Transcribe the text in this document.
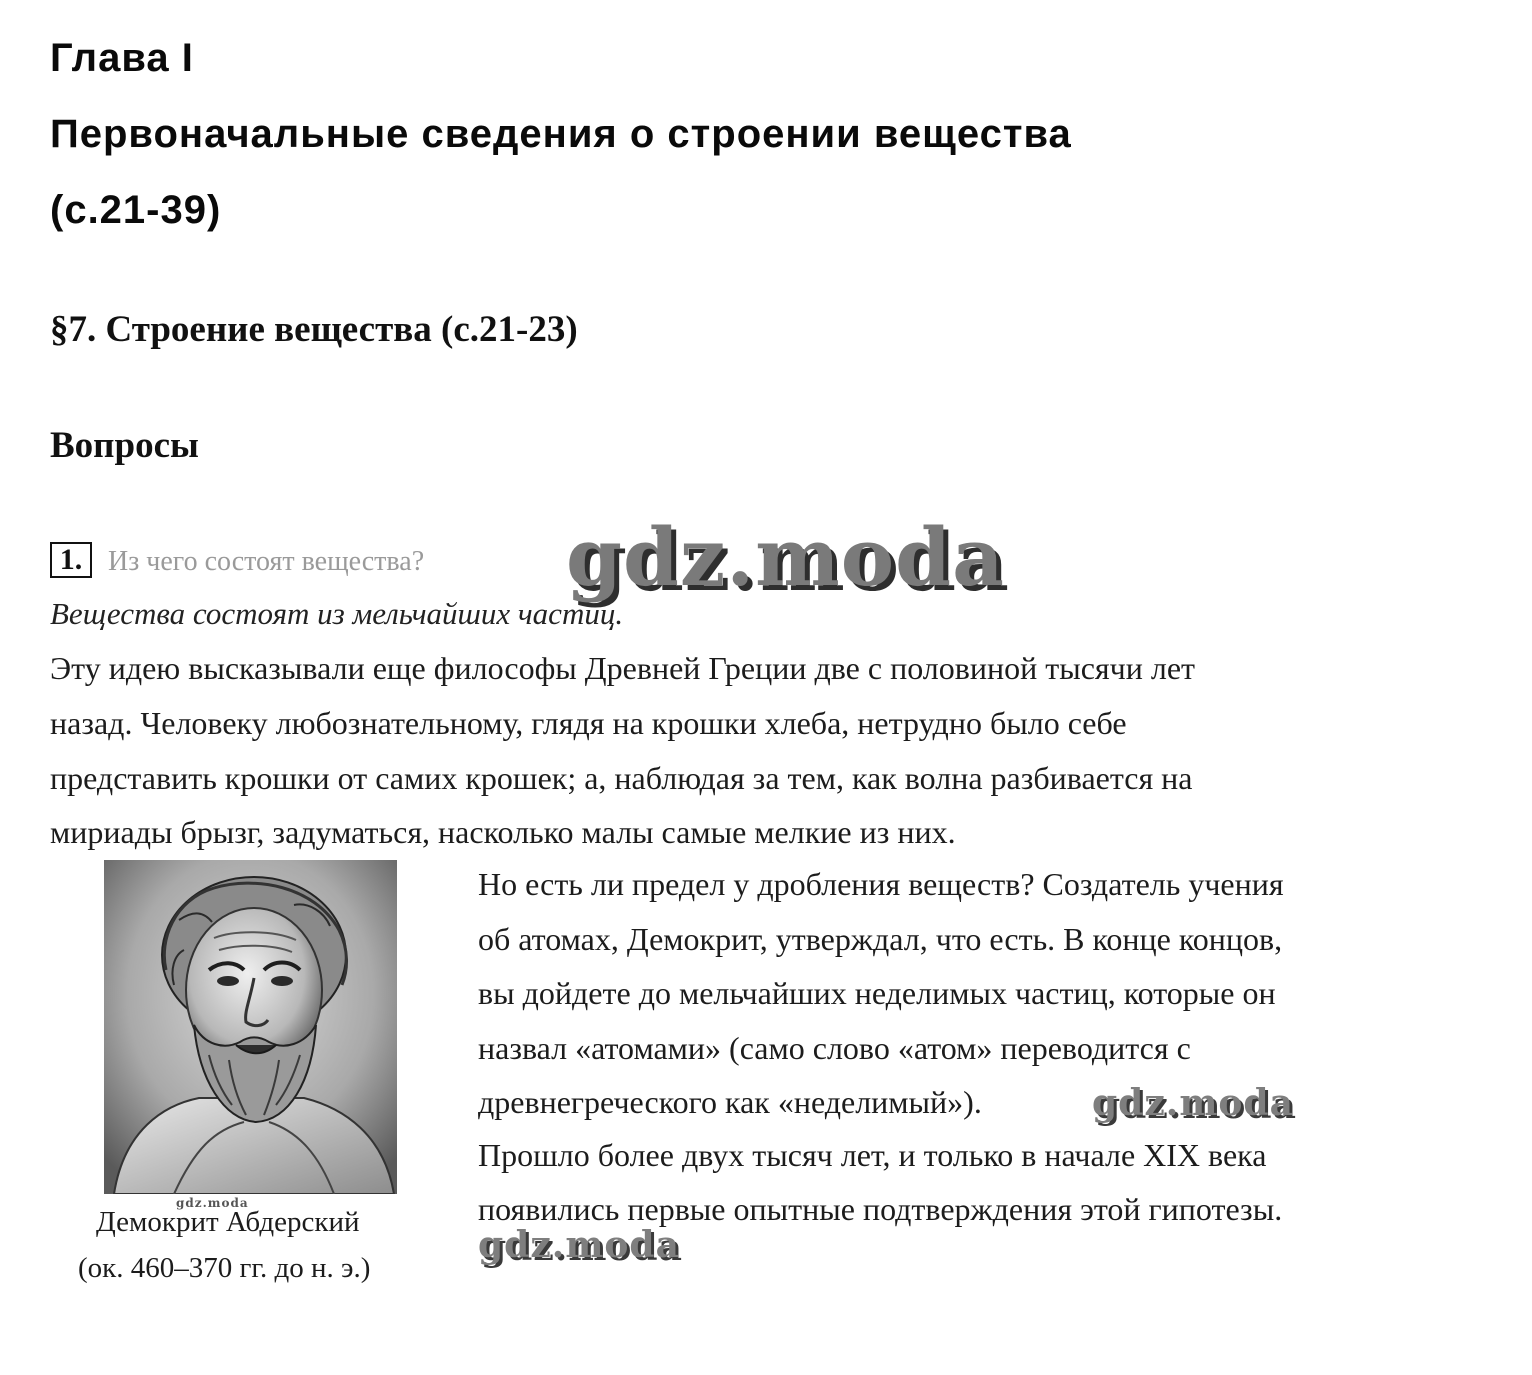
Глава I
Первоначальные сведения о строении вещества
(с.21-39)
§7. Строение вещества (с.21-23)
Вопросы
1. Из чего состоят вещества?
Вещества состоят из мельчайших частиц.
Эту идею высказывали еще философы Древней Греции две с половиной тысячи лет
назад. Человеку любознательному, глядя на крошки хлеба, нетрудно было себе
представить крошки от самих крошек; а, наблюдая за тем, как волна разбивается на
мириады брызг, задуматься, насколько малы самые мелкие из них.
Но есть ли предел у дробления веществ? Создатель учения
об атомах, Демокрит, утверждал, что есть. В конце концов,
вы дойдете до мельчайших неделимых частиц, которые он
назвал «атомами» (само слово «атом» переводится с
древнегреческого как «неделимый»).
Прошло более двух тысяч лет, и только в начале XIX века
появились первые опытные подтверждения этой гипотезы.
Демокрит Абдерский
(ок. 460–370 гг. до н. э.)
gdz.moda
gdz.moda
gdz.moda
gdz.moda
